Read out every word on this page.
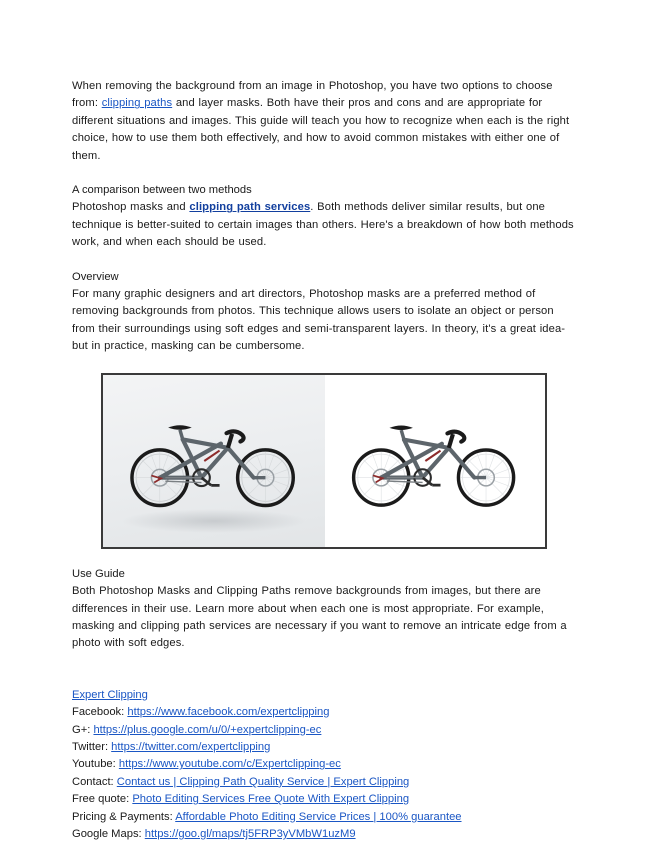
When removing the background from an image in Photoshop, you have two options to choose from: clipping paths and layer masks. Both have their pros and cons and are appropriate for different situations and images. This guide will teach you how to recognize when each is the right choice, how to use them both effectively, and how to avoid common mistakes with either one of them.

A comparison between two methods

Photoshop masks and clipping path services. Both methods deliver similar results, but one technique is better-suited to certain images than others. Here's a breakdown of how both methods work, and when each should be used.

Overview

For many graphic designers and art directors, Photoshop masks are a preferred method of removing backgrounds from photos. This technique allows users to isolate an object or person from their surroundings using soft edges and semi-transparent layers. In theory, it's a great idea-but in practice, masking can be cumbersome.

Use Guide

Both Photoshop Masks and Clipping Paths remove backgrounds from images, but there are differences in their use. Learn more about when each one is most appropriate. For example, masking and clipping path services are necessary if you want to remove an intricate edge from a photo with soft edges.

Expert Clipping

Facebook: https://www.facebook.com/expertclipping

G+: https://plus.google.com/u/0/+expertclipping-ec

Twitter: https://twitter.com/expertclipping

Youtube: https://www.youtube.com/c/Expertclipping-ec

Contact: Contact us | Clipping Path Quality Service | Expert Clipping

Free quote: Photo Editing Services Free Quote With Expert Clipping

Pricing & Payments: Affordable Photo Editing Service Prices | 100% guarantee

Google Maps: https://goo.gl/maps/tj5FRP3yVMbW1uzM9
